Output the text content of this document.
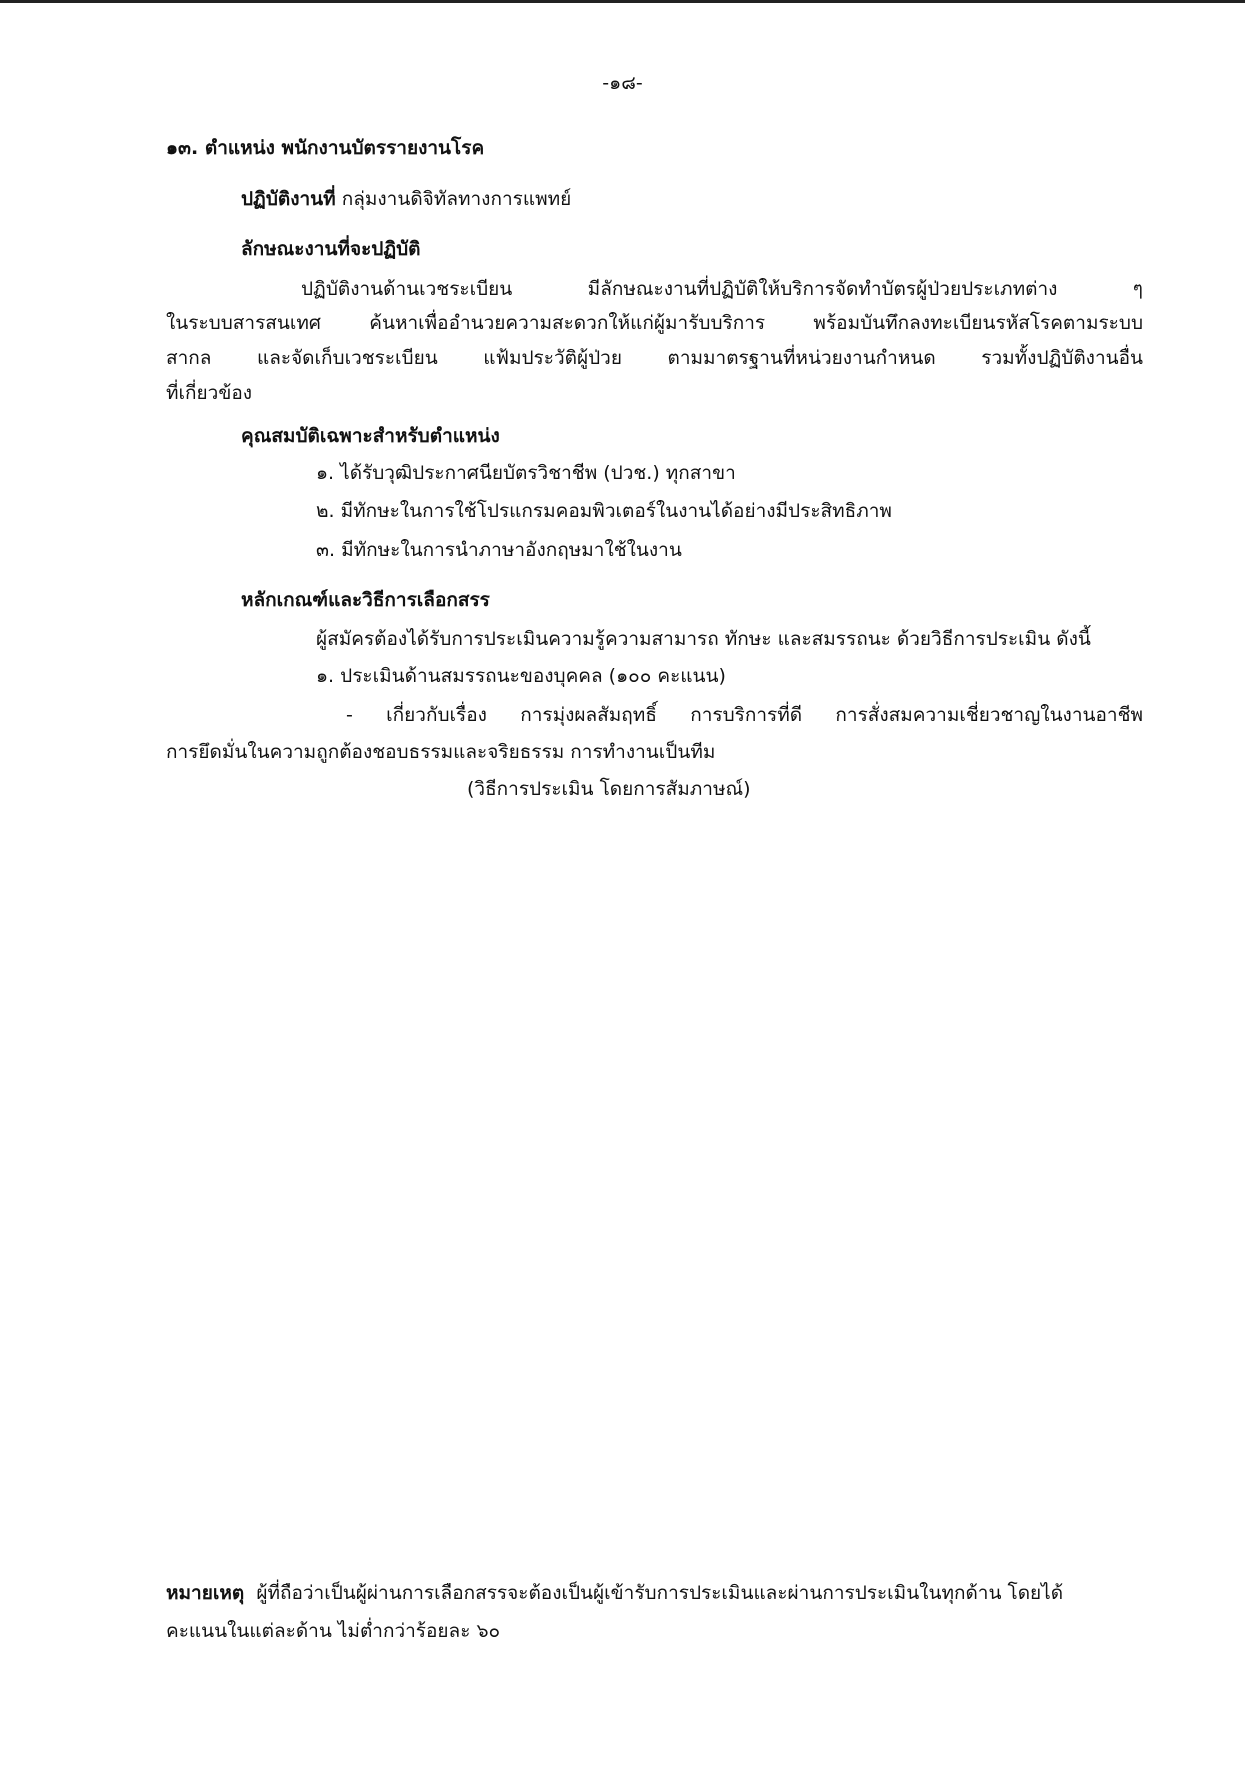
-๑๘-
๑๓. ตำแหน่ง พนักงานบัตรรายงานโรค
ปฏิบัติงานที่ กลุ่มงานดิจิทัลทางการแพทย์
ลักษณะงานที่จะปฏิบัติ
ปฏิบัติงานด้านเวชระเบียน มีลักษณะงานที่ปฏิบัติให้บริการจัดทำบัตรผู้ป่วยประเภทต่าง ๆ
ในระบบสารสนเทศ ค้นหาเพื่ออำนวยความสะดวกให้แก่ผู้มารับบริการ พร้อมบันทึกลงทะเบียนรหัสโรคตามระบบ
สากล และจัดเก็บเวชระเบียน แฟ้มประวัติผู้ป่วย ตามมาตรฐานที่หน่วยงานกำหนด รวมทั้งปฏิบัติงานอื่น
ที่เกี่ยวข้อง
คุณสมบัติเฉพาะสำหรับตำแหน่ง
๑. ได้รับวุฒิประกาศนียบัตรวิชาชีพ (ปวช.) ทุกสาขา
๒. มีทักษะในการใช้โปรแกรมคอมพิวเตอร์ในงานได้อย่างมีประสิทธิภาพ
๓. มีทักษะในการนำภาษาอังกฤษมาใช้ในงาน
หลักเกณฑ์และวิธีการเลือกสรร
ผู้สมัครต้องได้รับการประเมินความรู้ความสามารถ ทักษะ และสมรรถนะ ด้วยวิธีการประเมิน ดังนี้
๑. ประเมินด้านสมรรถนะของบุคคล (๑๐๐ คะแนน)
- เกี่ยวกับเรื่อง การมุ่งผลสัมฤทธิ์ การบริการที่ดี การสั่งสมความเชี่ยวชาญในงานอาชีพ
การยึดมั่นในความถูกต้องชอบธรรมและจริยธรรม การทำงานเป็นทีม
(วิธีการประเมิน โดยการสัมภาษณ์)
หมายเหตุ ผู้ที่ถือว่าเป็นผู้ผ่านการเลือกสรรจะต้องเป็นผู้เข้ารับการประเมินและผ่านการประเมินในทุกด้าน โดยได้
คะแนนในแต่ละด้าน ไม่ต่ำกว่าร้อยละ ๖๐
